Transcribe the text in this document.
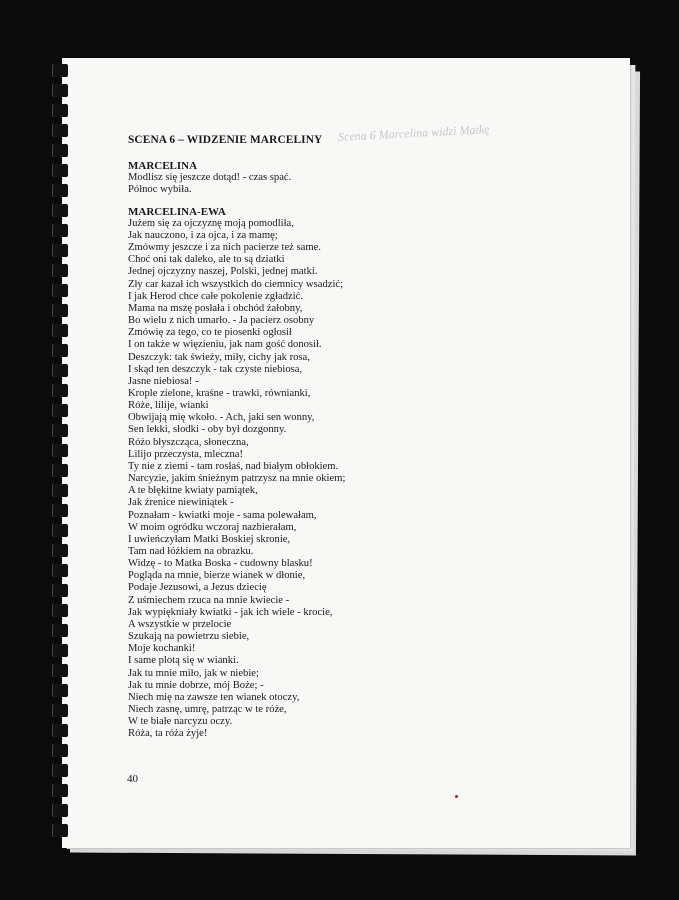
Scena 6 Marcelina widzi Matkę

SCENA 6 – WIDZENIE MARCELINY

MARCELINA

Modlisz się jeszcze dotąd! - czas spać.

Północ wybiła.

MARCELINA-EWA

Jużem się za ojczyznę moją pomodliła,

Jak nauczono, i za ojca, i za mamę;

Zmówmy jeszcze i za nich pacierze też same.

Choć oni tak daleko, ale to są dziatki

Jednej ojczyzny naszej, Polski, jednej matki.

Zły car kazał ich wszystkich do ciemnicy wsadzić;

I jak Herod chce całe pokolenie zgładzić.

Mama na mszę posłała i obchód żałobny,

Bo wielu z nich umarło. - Ja pacierz osobny

Zmówię za tego, co te piosenki ogłosił

I on także w więzieniu, jak nam gość donosił.

Deszczyk: tak świeży, miły, cichy jak rosa,

I skąd ten deszczyk - tak czyste niebiosa,

Jasne niebiosa! -

Krople zielone, kraśne - trawki, równianki,

Róże, lilije, wianki

Obwijają mię wkoło. - Ach, jaki sen wonny,

Sen lekki, słodki - oby był dozgonny.

Różo błyszcząca, słoneczna,

Lilijo przeczysta, mleczna!

Ty nie z ziemi - tam rosłaś, nad białym obłokiem.

Narcyzie, jakim śnieżnym patrzysz na mnie okiem;

A te błękitne kwiaty pamiątek,

Jak źrenice niewiniątek -

Poznałam - kwiatki moje - sama polewałam,

W moim ogródku wczoraj nazbierałam,

I uwieńczyłam Matki Boskiej skronie,

Tam nad łóżkiem na obrazku.

Widzę - to Matka Boska - cudowny blasku!

Pogląda na mnie, bierze wianek w dłonie,

Podaje Jezusowi, a Jezus dziecię

Z uśmiechem rzuca na mnie kwiecie -

Jak wypiękniały kwiatki - jak ich wiele - krocie,

A wszystkie w przelocie

Szukają na powietrzu siebie,

Moje kochanki!

I same plotą się w wianki.

Jak tu mnie miło, jak w niebie;

Jak tu mnie dobrze, mój Boże; -

Niech mię na zawsze ten wianek otoczy,

Niech zasnę, umrę, patrząc w te róże,

W te białe narcyzu oczy.

Róża, ta róża żyje!

40
